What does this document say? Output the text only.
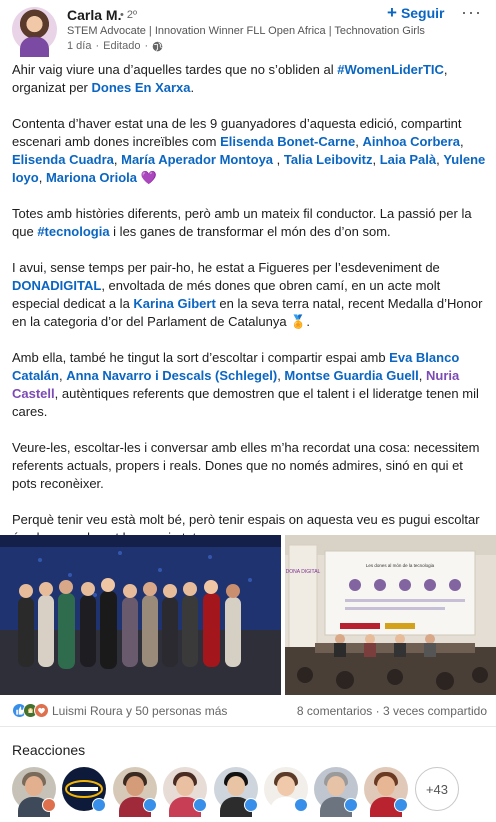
Carla M.
• 2º
STEM Advocate | Innovation Winner FLL Open Africa | Technovation Girls
1 día · Editado ·
+ Seguir ···

Ahir vaig viure una d’aquelles tardes que no s’obliden al #WomenLiderTIC, organizat per Dones En Xarxa.

Contenta d’haver estat una de les 9 guanyadores d’aquesta edició, compartint escenari amb dones increïbles com Elisenda Bonet-Carne, Ainhoa Corbera, Elisenda Cuadra, María Aperador Montoya , Talia Leibovitz, Laia Palà, Yulene Ioyo, Mariona Oriola 💜

Totes amb històries diferents, però amb un mateix fil conductor. La passió per la que #tecnologia i les ganes de transformar el món des d’on som.

I avui, sense temps per pair-ho, he estat a Figueres per l’esdeveniment de DONADIGITAL, envoltada de més dones que obren camí, en un acte molt especial dedicat a la Karina Gibert en la seva terra natal, recent Medalla d’Honor en la categoria d’or del Parlament de Catalunya 🏅.

Amb ella, també he tingut la sort d’escoltar i compartir espai amb Eva Blanco Catalán, Anna Navarro i Descals (Schlegel), Montse Guardia Guell, Nuria Castell, autèntiques referents que demostren que el talent i el lideratge tenen mil cares.

Veure-les, escoltar-les i conversar amb elles m’ha recordat una cosa: necessitem referents actuals, propers i reals. Dones que no només admires, sinó en qui et pots reconèixer.

Perquè tenir veu està molt bé, però tenir espais on aquesta veu es pugui escoltar

DONA DIGITAL
Les dones al món de la tecnologia
Luismi Roura y 50 personas más	8 comentarios · 3 veces compartido
Reacciones
+43
